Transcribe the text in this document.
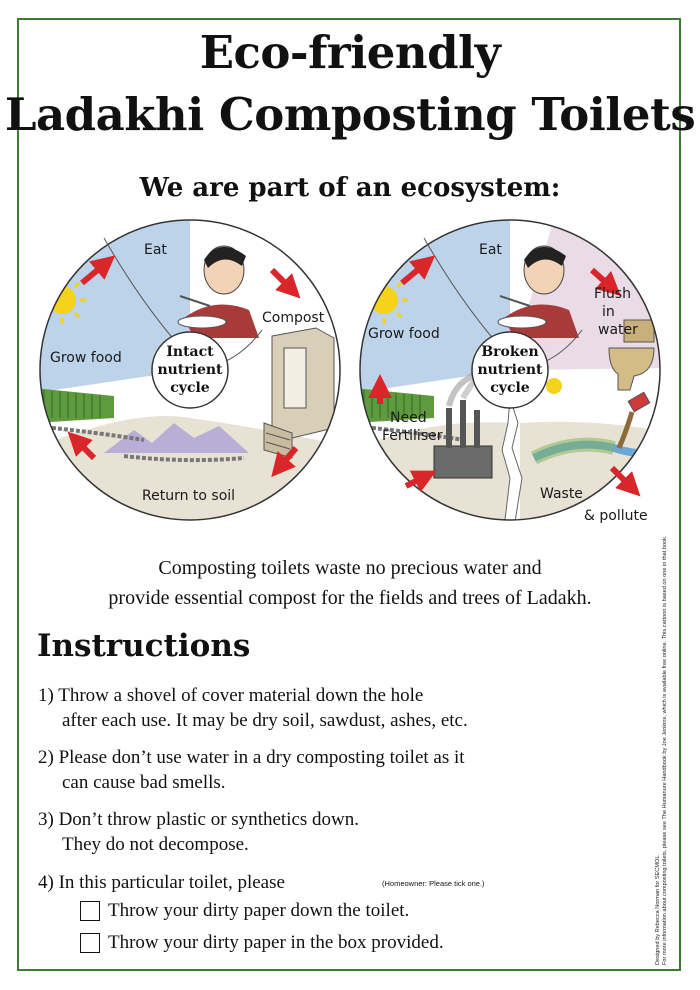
Eco-friendly
Ladakhi Composting Toilets
We are part of an ecosystem:
Intact
nutrient
cycle
Eat
Compost
Grow food
Return to soil
Broken
nutrient
cycle
Eat
Flush
in
water
Grow food
Need
Fertiliser
Waste
& pollute
Composting toilets waste no precious water and
provide essential compost for the fields and trees of Ladakh.
Instructions
1) Throw a shovel of cover material down the hole
after each use. It may be dry soil, sawdust, ashes, etc.
2) Please don’t use water in a dry composting toilet as it
can cause bad smells.
3) Don’t throw plastic or synthetics down.
They do not decompose.
4) In this particular toilet, please	(Homeowner: Please tick one.)
Throw your dirty paper down the toilet.
Throw your dirty paper in the box provided.	Designed by Rebecca Norman for SECMOL. For more information about composting toilets, please see The Humanure Handbook by Joe Jenkins, which is available free online. This cartoon is based on one in that book.
